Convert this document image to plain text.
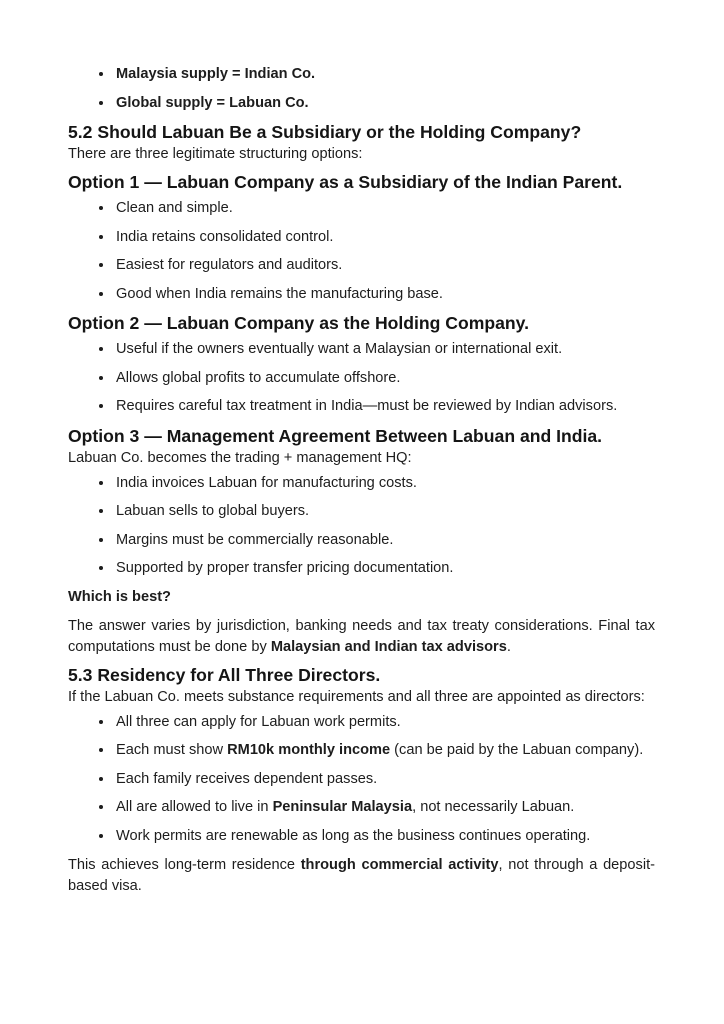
• Malaysia supply = Indian Co.
• Global supply = Labuan Co.
5.2 Should Labuan Be a Subsidiary or the Holding Company?

There are three legitimate structuring options:

Option 1 — Labuan Company as a Subsidiary of the Indian Parent.
• Clean and simple.
• India retains consolidated control.
• Easiest for regulators and auditors.
• Good when India remains the manufacturing base.
Option 2 — Labuan Company as the Holding Company.
• Useful if the owners eventually want a Malaysian or international exit.
• Allows global profits to accumulate offshore.
• Requires careful tax treatment in India—must be reviewed by Indian advisors.
Option 3 — Management Agreement Between Labuan and India.

Labuan Co. becomes the trading + management HQ:

• India invoices Labuan for manufacturing costs.
• Labuan sells to global buyers.
• Margins must be commercially reasonable.
• Supported by proper transfer pricing documentation.

Which is best?

The answer varies by jurisdiction, banking needs and tax treaty considerations. Final tax computations must be done by Malaysian and Indian tax advisors.

5.3 Residency for All Three Directors.

If the Labuan Co. meets substance requirements and all three are appointed as directors:

• All three can apply for Labuan work permits.
• Each must show RM10k monthly income (can be paid by the Labuan company).
• Each family receives dependent passes.
• All are allowed to live in Peninsular Malaysia, not necessarily Labuan.
• Work permits are renewable as long as the business continues operating.

This achieves long-term residence through commercial activity, not through a deposit-based visa.
